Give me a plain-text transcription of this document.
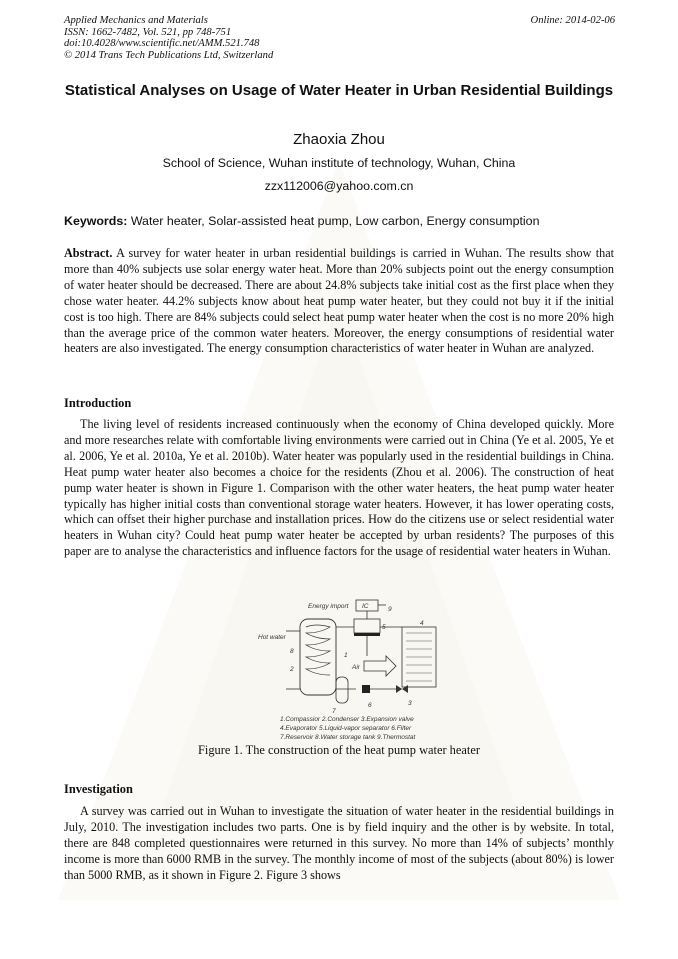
Applied Mechanics and Materials
ISSN: 1662-7482, Vol. 521, pp 748-751
doi:10.4028/www.scientific.net/AMM.521.748
© 2014 Trans Tech Publications Ltd, Switzerland
Online: 2014-02-06
Statistical Analyses on Usage of Water Heater in Urban Residential Buildings
Zhaoxia Zhou
School of Science, Wuhan institute of technology, Wuhan, China
zzx112006@yahoo.com.cn
Keywords: Water heater, Solar-assisted heat pump, Low carbon, Energy consumption
Abstract. A survey for water heater in urban residential buildings is carried in Wuhan. The results show that more than 40% subjects use solar energy water heat. More than 20% subjects point out the energy consumption of water heater should be decreased. There are about 24.8% subjects take initial cost as the first place when they chose water heater. 44.2% subjects know about heat pump water heater, but they could not buy it if the initial cost is too high. There are 84% subjects could select heat pump water heater when the cost is no more 20% high than the average price of the common water heaters. Moreover, the energy consumptions of residential water heaters are also investigated. The energy consumption characteristics of water heater in Wuhan are analyzed.
Introduction
The living level of residents increased continuously when the economy of China developed quickly. More and more researches relate with comfortable living environments were carried out in China (Ye et al. 2005, Ye et al. 2006, Ye et al. 2010a, Ye et al. 2010b). Water heater was popularly used in the residential buildings in China. Heat pump water heater also becomes a choice for the residents (Zhou et al. 2006). The construction of heat pump water heater is shown in Figure 1. Comparison with the other water heaters, the heat pump water heater typically has higher initial costs than conventional storage water heaters. However, it has lower operating costs, which can offset their higher purchase and installation prices. How do the citizens use or select residential water heaters in Wuhan city? Could heat pump water heater be accepted by urban residents? The purposes of this paper are to analyse the characteristics and influence factors for the usage of residential water heaters in Wuhan.
Energy import IC	9
1
Hot water
8
2
4
5
Air
7
6	3
1.Compassior 2.Condenser 3.Expansion valve
4.Evaporator 5.Liquid-vapor separator 6.Filter
7.Reservoir 8.Water storage tank 9.Thermostat
Figure 1. The construction of the heat pump water heater
Investigation
A survey was carried out in Wuhan to investigate the situation of water heater in the residential buildings in July, 2010. The investigation includes two parts. One is by field inquiry and the other is by website. In total, there are 848 completed questionnaires were returned in this survey. No more than 14% of subjects’ monthly income is more than 6000 RMB in the survey. The monthly income of most of the subjects (about 80%) is lower than 5000 RMB, as it shown in Figure 2. Figure 3 shows
